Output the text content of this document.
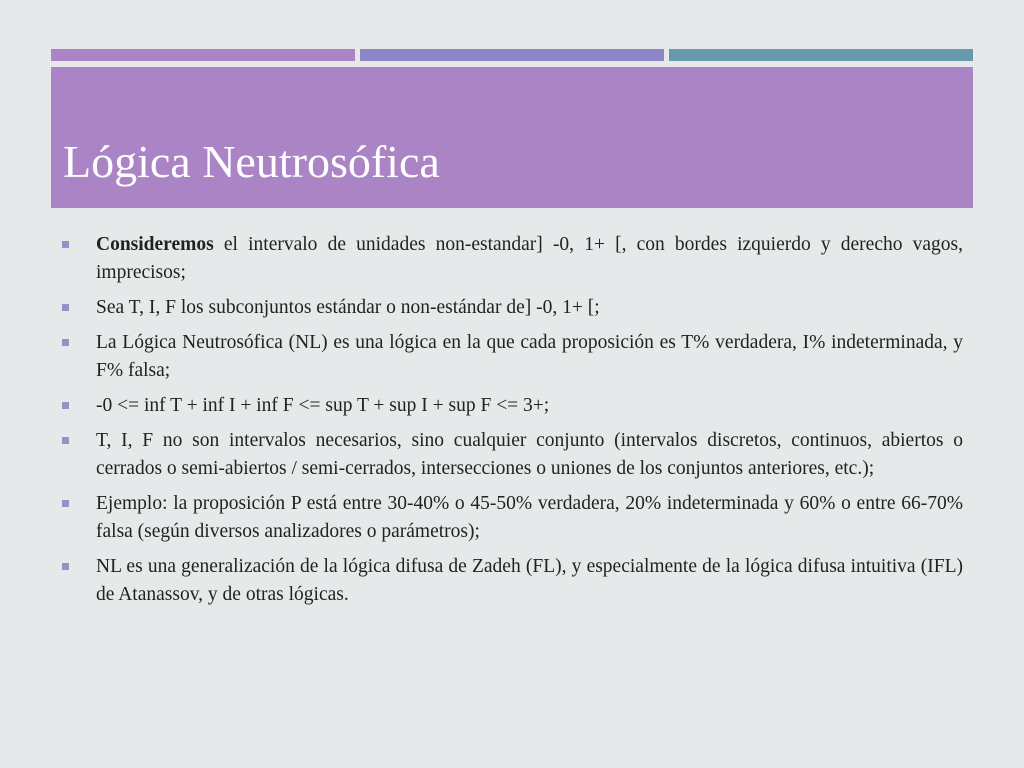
Lógica Neutrosófica
Consideremos el intervalo de unidades non-estandar] -0, 1+ [, con bordes izquierdo y derecho vagos, imprecisos;
Sea T, I, F los subconjuntos estándar o non-estándar de] -0, 1+ [;
La Lógica Neutrosófica (NL) es una lógica en la que cada proposición es T% verdadera, I% indeterminada, y F% falsa;
-0 <= inf T + inf I + inf F <= sup T + sup I + sup F <= 3+;
T, I, F no son intervalos necesarios, sino cualquier conjunto (intervalos discretos, continuos, abiertos o cerrados o semi-abiertos / semi-cerrados, intersecciones o uniones de los conjuntos anteriores, etc.);
Ejemplo: la proposición P está entre 30-40% o 45-50% verdadera, 20% indeterminada y 60% o entre 66-70% falsa (según diversos analizadores o parámetros);
NL es una generalización de la lógica difusa de Zadeh (FL), y especialmente de la lógica difusa intuitiva (IFL) de Atanassov, y de otras lógicas.
